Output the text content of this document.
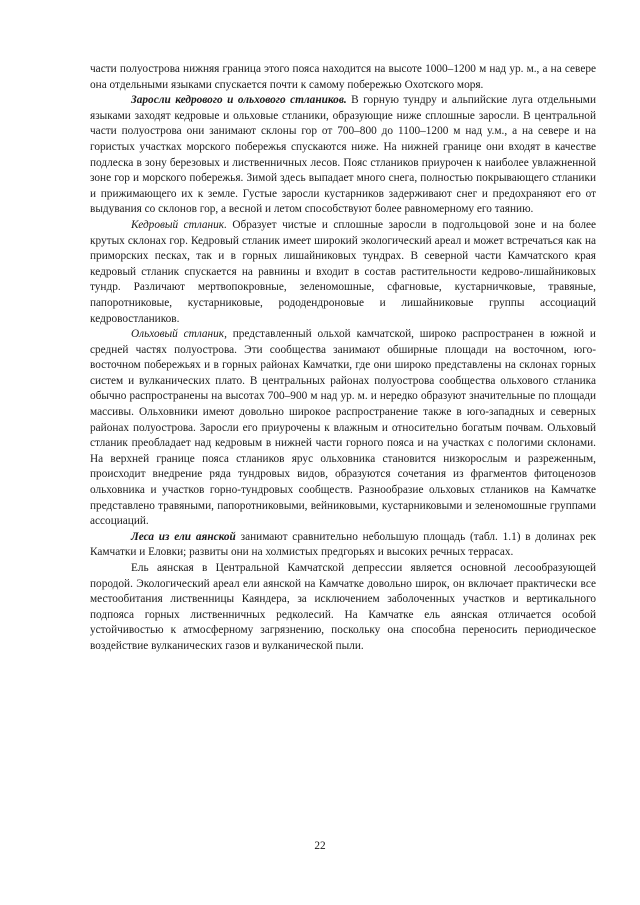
части полуострова нижняя граница этого пояса находится на высоте 1000–1200 м над ур. м., а на севере она отдельными языками спускается почти к самому побережью Охотского моря.

Заросли кедрового и ольхового стлаников. В горную тундру и альпийские луга отдельными языками заходят кедровые и ольховые стланики, образующие ниже сплошные заросли. В центральной части полуострова они занимают склоны гор от 700–800 до 1100–1200 м над у.м., а на севере и на гористых участках морского побережья спускаются ниже. На нижней границе они входят в качестве подлеска в зону березовых и лиственничных лесов. Пояс стлаников приурочен к наиболее увлажненной зоне гор и морского побережья. Зимой здесь выпадает много снега, полностью покрывающего стланики и прижимающего их к земле. Густые заросли кустарников задерживают снег и предохраняют его от выдувания со склонов гор, а весной и летом способствуют более равномерному его таянию.

Кедровый стланик. Образует чистые и сплошные заросли в подгольцовой зоне и на более крутых склонах гор. Кедровый стланик имеет широкий экологический ареал и может встречаться как на приморских песках, так и в горных лишайниковых тундрах. В северной части Камчатского края кедровый стланик спускается на равнины и входит в состав растительности кедрово-лишайниковых тундр. Различают мертвопокровные, зеленомошные, сфагновые, кустарничковые, травяные, папоротниковые, кустарниковые, рододендроновые и лишайниковые группы ассоциаций кедровостлаников.

Ольховый стланик, представленный ольхой камчатской, широко распространен в южной и средней частях полуострова. Эти сообщества занимают обширные площади на восточном, юго-восточном побережьях и в горных районах Камчатки, где они широко представлены на склонах горных систем и вулканических плато. В центральных районах полуострова сообщества ольхового стланика обычно распространены на высотах 700–900 м над ур. м. и нередко образуют значительные по площади массивы. Ольховники имеют довольно широкое распространение также в юго-западных и северных районах полуострова. Заросли его приурочены к влажным и относительно богатым почвам. Ольховый стланик преобладает над кедровым в нижней части горного пояса и на участках с пологими склонами. На верхней границе пояса стлаников ярус ольховника становится низкорослым и разреженным, происходит внедрение ряда тундровых видов, образуются сочетания из фрагментов фитоценозов ольховника и участков горно-тундровых сообществ. Разнообразие ольховых стлаников на Камчатке представлено травяными, папоротниковыми, вейниковыми, кустарниковыми и зеленомошные группами ассоциаций.

Леса из ели аянской занимают сравнительно небольшую площадь (табл. 1.1) в долинах рек Камчатки и Еловки; развиты они на холмистых предгорьях и высоких речных террасах.

Ель аянская в Центральной Камчатской депрессии является основной лесообразующей породой. Экологический ареал ели аянской на Камчатке довольно широк, он включает практически все местообитания лиственницы Каяндера, за исключением заболоченных участков и вертикального подпояса горных лиственничных редколесий. На Камчатке ель аянская отличается особой устойчивостью к атмосферному загрязнению, поскольку она способна переносить периодическое воздействие вулканических газов и вулканической пыли.

22
